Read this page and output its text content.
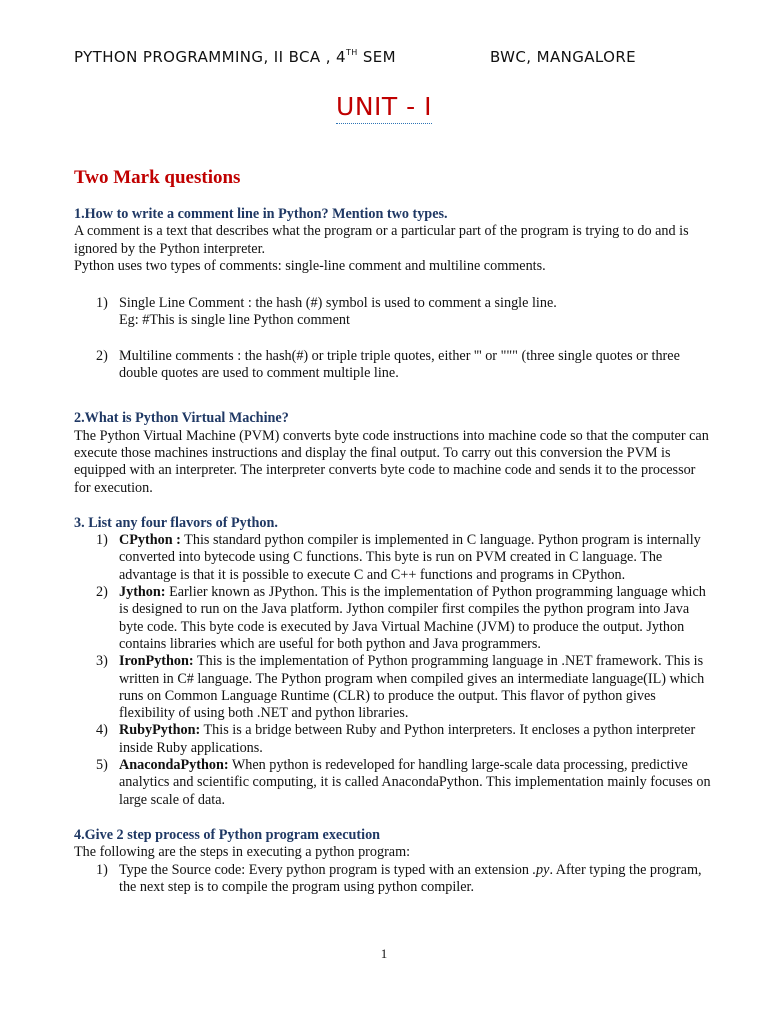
PYTHON PROGRAMMING, II BCA , 4TH SEM	BWC, MANGALORE
UNIT - I
Two Mark questions

1.How to write a comment line in Python? Mention two types.

A comment is a text that describes what the program or a particular part of the program is trying to do and is ignored by the Python interpreter.

Python uses two types of comments: single-line comment and multiline comments.

1) Single Line Comment : the hash (#) symbol is used to comment a single line.
Eg: #This is single line Python comment
2) Multiline comments : the hash(#) or triple triple quotes, either ''' or """ (three single quotes or three double quotes are used to comment multiple line.

2.What is Python Virtual Machine?

The Python Virtual Machine (PVM) converts byte code instructions into machine code so that the computer can execute those machines instructions and display the final output. To carry out this conversion the PVM is equipped with an interpreter. The interpreter converts byte code to machine code and sends it to the processor for execution.

3. List any four flavors of Python.

1) CPython : This standard python compiler is implemented in C language. Python program is internally converted into bytecode using C functions. This byte is run on PVM created in C language. The advantage is that it is possible to execute C and C++ functions and programs in CPython.
2) Jython: Earlier known as JPython. This is the implementation of Python programming language which is designed to run on the Java platform. Jython compiler first compiles the python program into Java byte code. This byte code is executed by Java Virtual Machine (JVM) to produce the output. Jython contains libraries which are useful for both python and Java programmers.
3) IronPython: This is the implementation of Python programming language in .NET framework. This is written in C# language. The Python program when compiled gives an intermediate language(IL) which runs on Common Language Runtime (CLR) to produce the output. This flavor of python gives flexibility of using both .NET and python libraries.
4) RubyPython: This is a bridge between Ruby and Python interpreters. It encloses a python interpreter inside Ruby applications.
5) AnacondaPython: When python is redeveloped for handling large-scale data processing, predictive analytics and scientific computing, it is called AnacondaPython. This implementation mainly focuses on large scale of data.

4.Give 2 step process of Python program execution

The following are the steps in executing a python program:

1) Type the Source code: Every python program is typed with an extension .py. After typing the program, the next step is to compile the program using python compiler.
1
